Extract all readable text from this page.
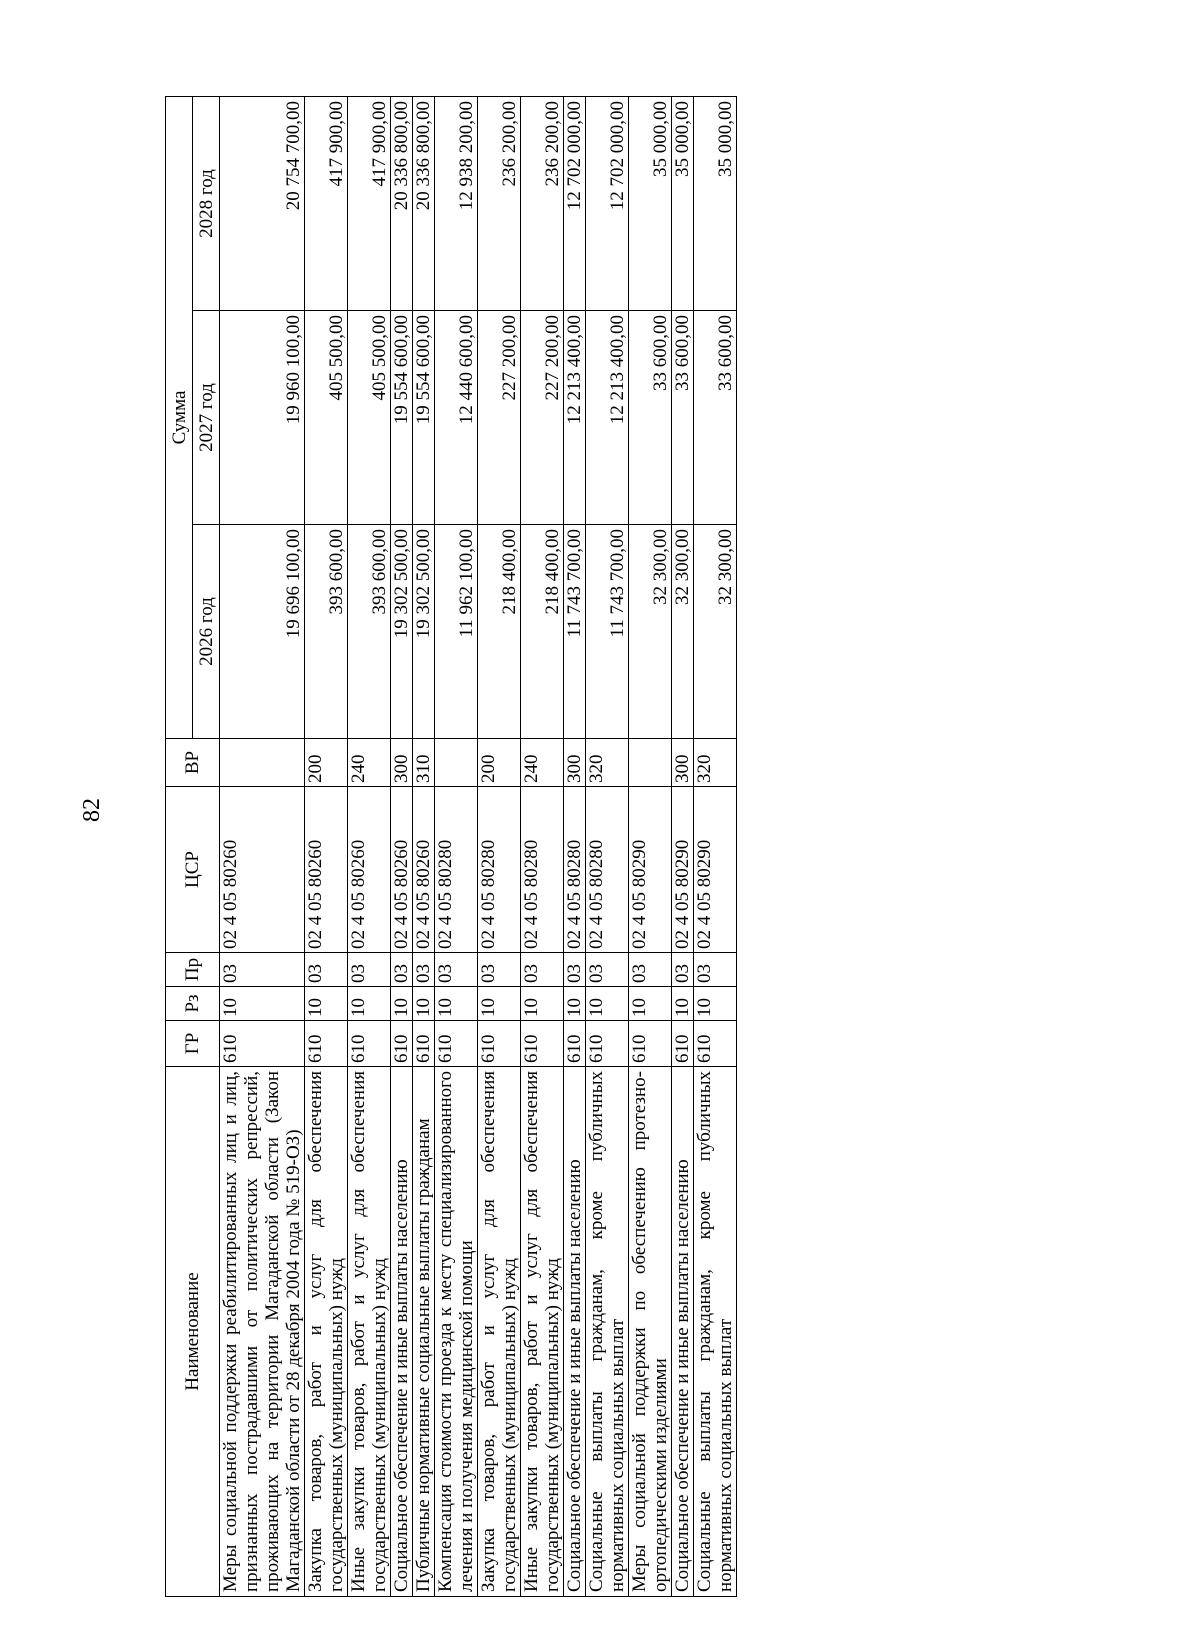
82
Наименование	ГР	Рз	Пр	ЦСР	ВР	Сумма		
						2026 год	2027 год	2028 год
Меры социальной поддержки реабилитированных лиц и лиц, признанных пострадавшими от политических репрессий, проживающих на территории Магаданской области (Закон Магаданской области от 28 декабря 2004 года № 519-ОЗ)	610	10	03	02 4 05 80260		19 696 100,00	19 960 100,00	20 754 700,00
Закупка товаров, работ и услуг для обеспечения государственных (муниципальных) нужд	610	10	03	02 4 05 80260	200	393 600,00	405 500,00	417 900,00
Иные закупки товаров, работ и услуг для обеспечения государственных (муниципальных) нужд	610	10	03	02 4 05 80260	240	393 600,00	405 500,00	417 900,00
Социальное обеспечение и иные выплаты населению	610	10	03	02 4 05 80260	300	19 302 500,00	19 554 600,00	20 336 800,00
Публичные нормативные социальные выплаты гражданам	610	10	03	02 4 05 80260	310	19 302 500,00	19 554 600,00	20 336 800,00
Компенсация стоимости проезда к месту специализированного лечения и получения медицинской помощи	610	10	03	02 4 05 80280		11 962 100,00	12 440 600,00	12 938 200,00
Закупка товаров, работ и услуг для обеспечения государственных (муниципальных) нужд	610	10	03	02 4 05 80280	200	218 400,00	227 200,00	236 200,00
Иные закупки товаров, работ и услуг для обеспечения государственных (муниципальных) нужд	610	10	03	02 4 05 80280	240	218 400,00	227 200,00	236 200,00
Социальное обеспечение и иные выплаты населению	610	10	03	02 4 05 80280	300	11 743 700,00	12 213 400,00	12 702 000,00
Социальные выплаты гражданам, кроме публичных нормативных социальных выплат	610	10	03	02 4 05 80280	320	11 743 700,00	12 213 400,00	12 702 000,00
Меры социальной поддержки по обеспечению протезно-ортопедическими изделиями	610	10	03	02 4 05 80290		32 300,00	33 600,00	35 000,00
Социальное обеспечение и иные выплаты населению	610	10	03	02 4 05 80290	300	32 300,00	33 600,00	35 000,00
Социальные выплаты гражданам, кроме публичных нормативных социальных выплат	610	10	03	02 4 05 80290	320	32 300,00	33 600,00	35 000,00
